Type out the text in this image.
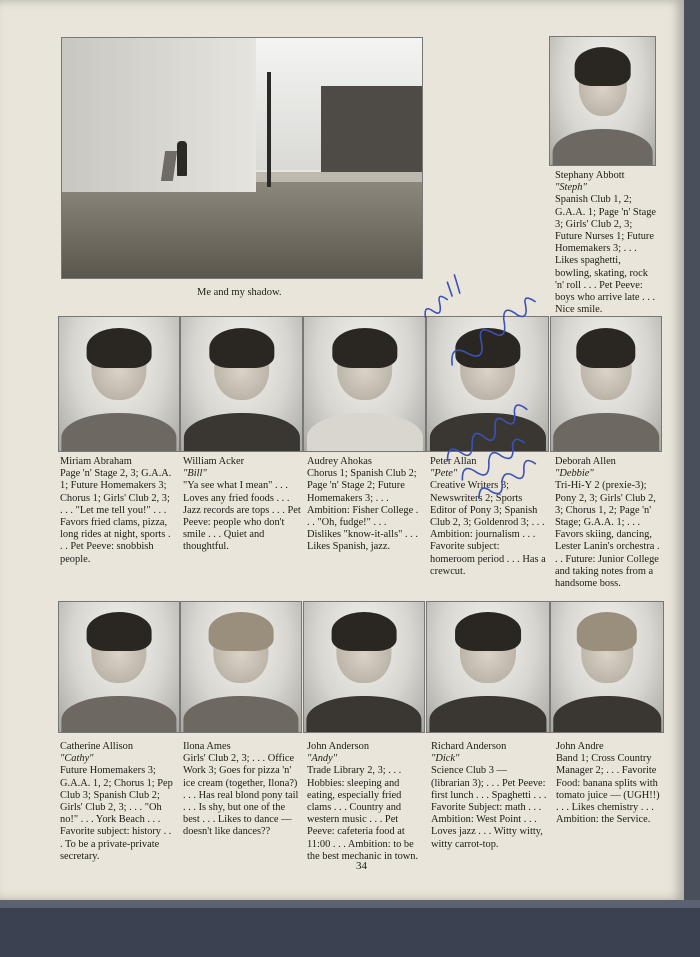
Me and my shadow.
Stephany Abbott
"Steph"
Spanish Club 1, 2; G.A.A. 1; Page 'n' Stage 3; Girls' Club 2, 3; Future Nurses 1; Future Homemakers 3; . . . Likes spaghetti, bowling, skating, rock 'n' roll . . . Pet Peeve: boys who arrive late . . . Nice smile.
Miriam Abraham
Page 'n' Stage 2, 3; G.A.A. 1; Future Homemakers 3; Chorus 1; Girls' Club 2, 3; . . . "Let me tell you!" . . . Favors fried clams, pizza, long rides at night, sports . . . Pet Peeve: snobbish people.
William Acker
"Bill"
"Ya see what I mean" . . . Loves any fried foods . . . Jazz records are tops . . . Pet Peeve: people who don't smile . . . Quiet and thoughtful.
Audrey Ahokas
Chorus 1; Spanish Club 2; Page 'n' Stage 2; Future Homemakers 3; . . . Ambition: Fisher College . . . "Oh, fudge!" . . . Dislikes "know-it-alls" . . . Likes Spanish, jazz.
Peter Allan
"Pete"
Creative Writers 3; Newswriters 2; Sports Editor of Pony 3; Spanish Club 2, 3; Goldenrod 3; . . . Ambition: journalism . . . Favorite subject: homeroom period . . . Has a crewcut.
Deborah Allen
"Debbie"
Tri-Hi-Y 2 (prexie-3); Pony 2, 3; Girls' Club 2, 3; Chorus 1, 2; Page 'n' Stage; G.A.A. 1; . . . Favors skiing, dancing, Lester Lanin's orchestra . . . Future: Junior College and taking notes from a handsome boss.
Catherine Allison
"Cathy"
Future Homemakers 3; G.A.A. 1, 2; Chorus 1; Pep Club 3; Spanish Club 2; Girls' Club 2, 3; . . . "Oh no!" . . . York Beach . . . Favorite subject: history . . . To be a private-private secretary.
Ilona Ames
Girls' Club 2, 3; . . . Office Work 3; Goes for pizza 'n' ice cream (together, Ilona?) . . . Has real blond pony tail . . . Is shy, but one of the best . . . Likes to dance — doesn't like dances??
John Anderson
"Andy"
Trade Library 2, 3; . . . Hobbies: sleeping and eating, especially fried clams . . . Country and western music . . . Pet Peeve: cafeteria food at 11:00 . . . Ambition: to be the best mechanic in town.
Richard Anderson
"Dick"
Science Club 3 — (librarian 3); . . . Pet Peeve: first lunch . . . Spaghetti . . . Favorite Subject: math . . . Ambition: West Point . . . Loves jazz . . . Witty witty, witty carrot-top.
John Andre
Band 1; Cross Country Manager 2; . . . Favorite Food: banana splits with tomato juice — (UGH!!) . . . Likes chemistry . . . Ambition: the Service.
34
